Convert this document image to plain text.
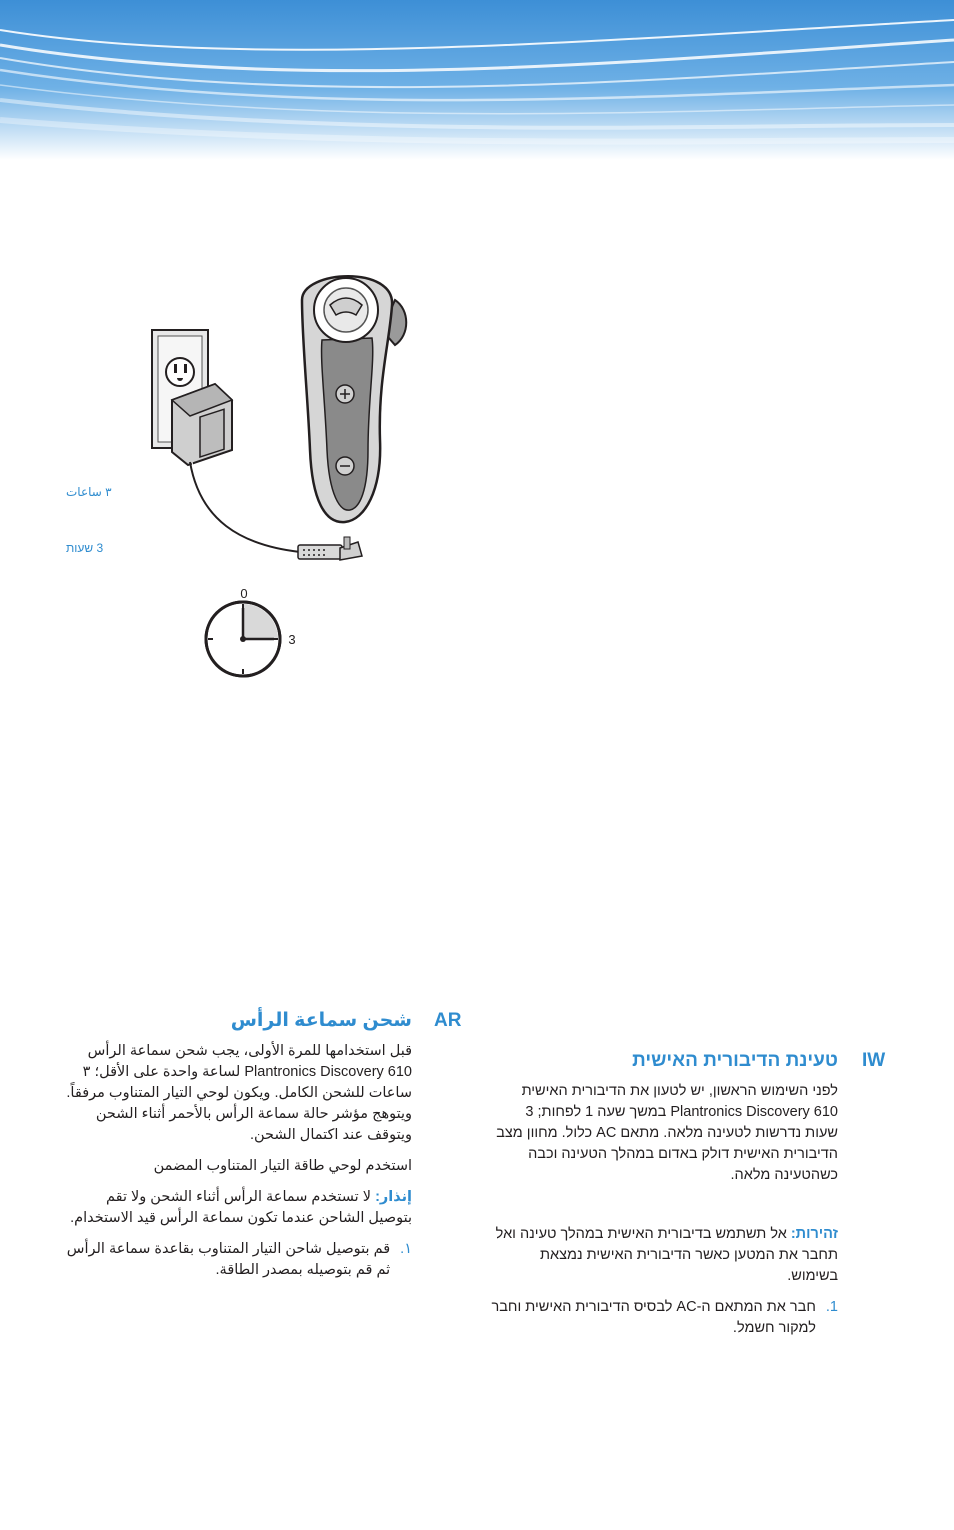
0
3
٣ ساعات
3 שעות
شحن سماعة الرأس AR

قبل استخدامها للمرة الأولى، يجب شحن سماعة الرأس Plantronics Discovery 610 لساعة واحدة على الأقل؛ ٣ ساعات للشحن الكامل. ويكون لوحي التيار المتناوب مرفقاً. ويتوهج مؤشر حالة سماعة الرأس بالأحمر أثناء الشحن ويتوقف عند اكتمال الشحن.

استخدم لوحي طاقة التيار المتناوب المضمن

إنذار: لا تستخدم سماعة الرأس أثناء الشحن ولا تقم بتوصيل الشاحن عندما تكون سماعة الرأس قيد الاستخدام.

١.
قم بتوصيل شاحن التيار المتناوب بقاعدة سماعة الرأس ثم قم بتوصيله بمصدر الطاقة.
טעינת הדיבורית האישית IW

לפני השימוש הראשון, יש לטעון את הדיבורית האישית Plantronics Discovery 610 במשך שעה 1 לפחות; 3 שעות נדרשות לטעינה מלאה. מתאם AC כלול. מחוון מצב הדיבורית האישית דולק באדום במהלך הטעינה וכבה כשהטעינה מלאה.

זהירות: אל תשתמש בדיבורית האישית במהלך טעינה ואל תחבר את המטען כאשר הדיבורית האישית נמצאת בשימוש.

1.
חבר את המתאם ה-AC לבסיס הדיבורית האישית וחבר למקור חשמל.
